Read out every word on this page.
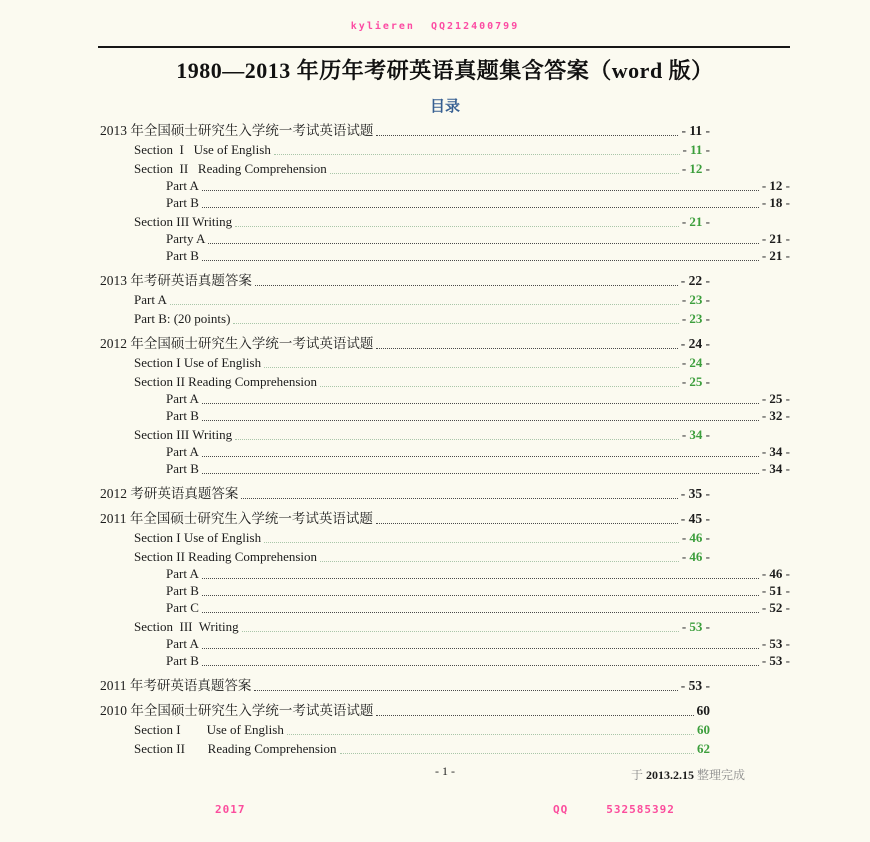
kylieren  QQ212400799
1980—2013 年历年考研英语真题集含答案（word 版）
目录
2013 年全国硕士研究生入学统一考试英语试题	- 11 -
Section  I   Use of English	- 11 -
Section  II   Reading Comprehension	- 12 -
Part A	- 12 -
Part B	- 18 -
Section III Writing	- 21 -
Party A	- 21 -
Part B	- 21 -
2013 年考研英语真题答案	- 22 -
Part A	- 23 -
Part B: (20 points)	- 23 -
2012 年全国硕士研究生入学统一考试英语试题	- 24 -
Section I Use of English	- 24 -
Section II Reading Comprehension	- 25 -
Part A	- 25 -
Part B	- 32 -
Section III Writing	- 34 -
Part A	- 34 -
Part B	- 34 -
2012 考研英语真题答案	- 35 -
2011 年全国硕士研究生入学统一考试英语试题	- 45 -
Section I Use of English	- 46 -
Section II Reading Comprehension	- 46 -
Part A	- 46 -
Part B	- 51 -
Part C	- 52 -
Section  III  Writing	- 53 -
Part A	- 53 -
Part B	- 53 -
2011 年考研英语真题答案	- 53 -
2010 年全国硕士研究生入学统一考试英语试题	60
Section I        Use of English	60
Section II       Reading Comprehension	62
- 1 -	于 2013.2.15 整理完成
2017	QQ	532585392
